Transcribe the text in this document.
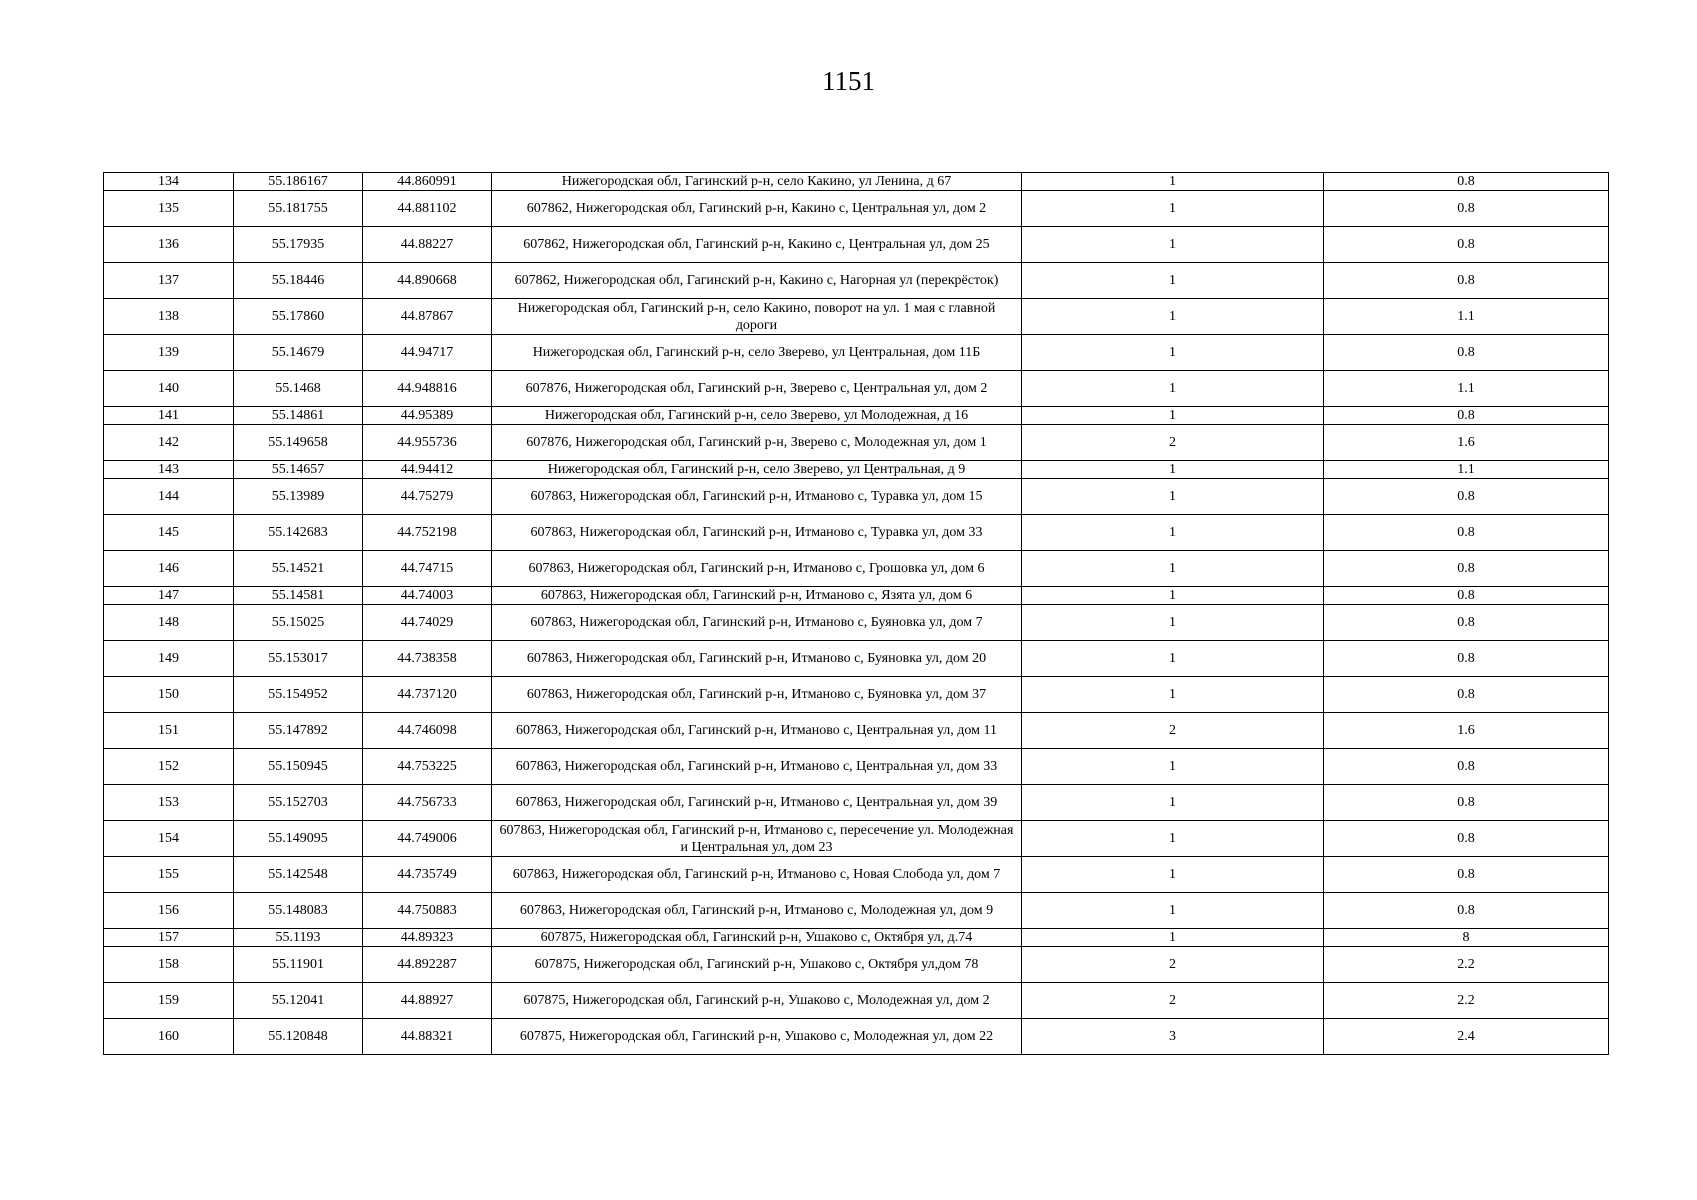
1151
134	55.186167	44.860991	Нижегородская обл, Гагинский р-н, село Какино, ул Ленина, д 67	1	0.8
135	55.181755	44.881102	607862, Нижегородская обл, Гагинский р-н, Какино с, Центральная ул, дом 2	1	0.8
136	55.17935	44.88227	607862, Нижегородская обл, Гагинский р-н, Какино с, Центральная ул, дом 25	1	0.8
137	55.18446	44.890668	607862, Нижегородская обл, Гагинский р-н, Какино с, Нагорная ул (перекрёсток)	1	0.8
138	55.17860	44.87867	Нижегородская обл, Гагинский р-н, село Какино, поворот на ул. 1 мая с главной дороги	1	1.1
139	55.14679	44.94717	Нижегородская обл, Гагинский р-н, село Зверево, ул Центральная, дом 11Б	1	0.8
140	55.1468	44.948816	607876, Нижегородская обл, Гагинский р-н, Зверево с, Центральная ул, дом 2	1	1.1
141	55.14861	44.95389	Нижегородская обл, Гагинский р-н, село Зверево, ул Молодежная, д 16	1	0.8
142	55.149658	44.955736	607876, Нижегородская обл, Гагинский р-н, Зверево с, Молодежная ул, дом 1	2	1.6
143	55.14657	44.94412	Нижегородская обл, Гагинский р-н, село Зверево, ул Центральная, д 9	1	1.1
144	55.13989	44.75279	607863, Нижегородская обл, Гагинский р-н, Итманово с, Туравка ул, дом 15	1	0.8
145	55.142683	44.752198	607863, Нижегородская обл, Гагинский р-н, Итманово с, Туравка ул, дом 33	1	0.8
146	55.14521	44.74715	607863, Нижегородская обл, Гагинский р-н, Итманово с, Грошовка ул, дом 6	1	0.8
147	55.14581	44.74003	607863, Нижегородская обл, Гагинский р-н, Итманово с, Язята ул, дом 6	1	0.8
148	55.15025	44.74029	607863, Нижегородская обл, Гагинский р-н, Итманово с, Буяновка ул, дом 7	1	0.8
149	55.153017	44.738358	607863, Нижегородская обл, Гагинский р-н, Итманово с, Буяновка ул, дом 20	1	0.8
150	55.154952	44.737120	607863, Нижегородская обл, Гагинский р-н, Итманово с, Буяновка ул, дом 37	1	0.8
151	55.147892	44.746098	607863, Нижегородская обл, Гагинский р-н, Итманово с, Центральная ул, дом 11	2	1.6
152	55.150945	44.753225	607863, Нижегородская обл, Гагинский р-н, Итманово с, Центральная ул, дом 33	1	0.8
153	55.152703	44.756733	607863, Нижегородская обл, Гагинский р-н, Итманово с, Центральная ул, дом 39	1	0.8
154	55.149095	44.749006	607863, Нижегородская обл, Гагинский р-н, Итманово с, пересечение ул. Молодежная и Центральная ул, дом 23	1	0.8
155	55.142548	44.735749	607863, Нижегородская обл, Гагинский р-н, Итманово с, Новая Слобода ул, дом 7	1	0.8
156	55.148083	44.750883	607863, Нижегородская обл, Гагинский р-н, Итманово с, Молодежная ул, дом 9	1	0.8
157	55.1193	44.89323	607875, Нижегородская обл, Гагинский р-н, Ушаково с, Октября ул, д.74	1	8
158	55.11901	44.892287	607875, Нижегородская обл, Гагинский р-н, Ушаково с, Октября ул,дом 78	2	2.2
159	55.12041	44.88927	607875, Нижегородская обл, Гагинский р-н, Ушаково с, Молодежная ул, дом 2	2	2.2
160	55.120848	44.88321	607875, Нижегородская обл, Гагинский р-н, Ушаково с, Молодежная ул, дом 22	3	2.4
